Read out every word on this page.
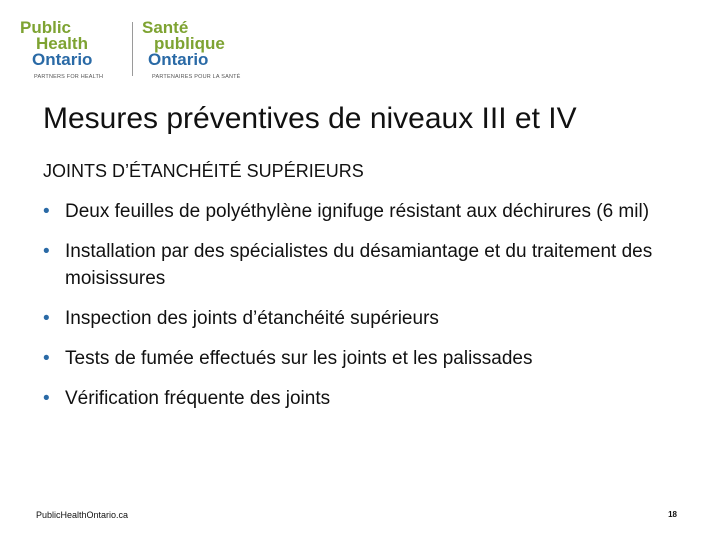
Public
Health
Ontario
PARTNERS FOR HEALTH
Santé
publique
Ontario
PARTENAIRES POUR LA SANTÉ
Mesures préventives de niveaux III et IV
JOINTS D’ÉTANCHÉITÉ SUPÉRIEURS
• Deux feuilles de polyéthylène ignifuge résistant aux déchirures (6 mil)
• Installation par des spécialistes du désamiantage et du traitement des moisissures
• Inspection des joints d’étanchéité supérieurs
• Tests de fumée effectués sur les joints et les palissades
• Vérification fréquente des joints
PublicHealthOntario.ca	18
